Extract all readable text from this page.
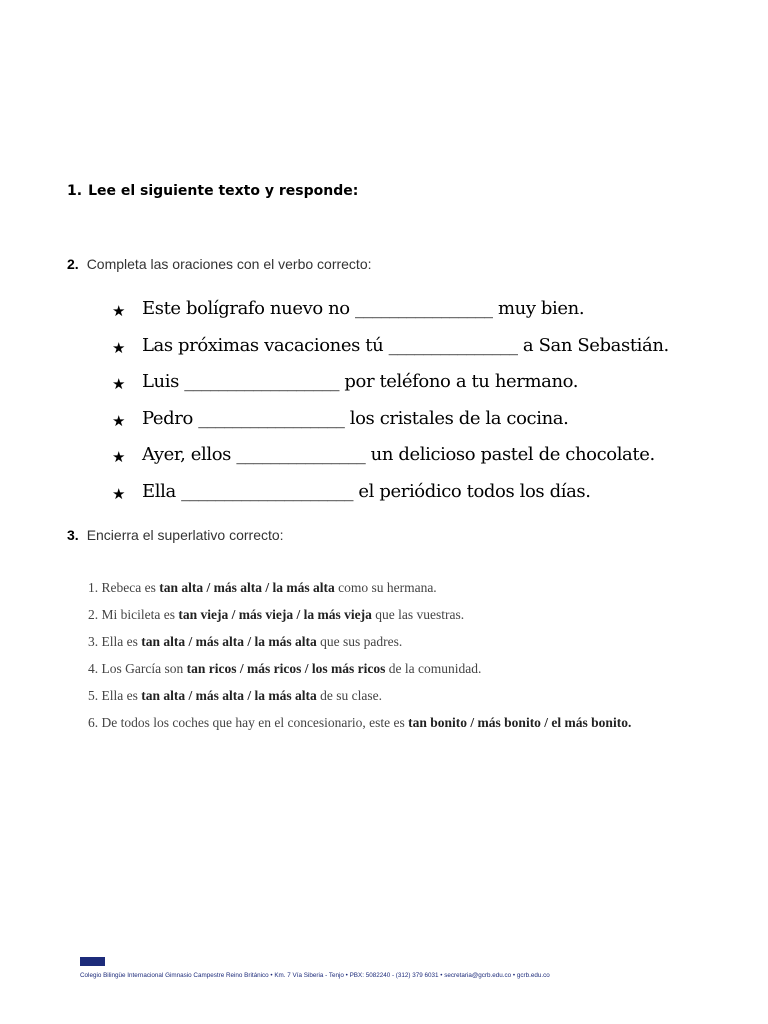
1. Lee el siguiente texto y responde:
2. Completa las oraciones con el verbo correcto:
★ Este bolígrafo nuevo no ________________ muy bien.
★ Las próximas vacaciones tú _______________ a San Sebastián.
★ Luis __________________ por teléfono a tu hermano.
★ Pedro _________________ los cristales de la cocina.
★ Ayer, ellos _______________ un delicioso pastel de chocolate.
★ Ella ____________________ el periódico todos los días.
3. Encierra el superlativo correcto:
1. Rebeca es tan alta / más alta / la más alta como su hermana.
2. Mi bicileta es tan vieja / más vieja / la más vieja que las vuestras.
3. Ella es tan alta / más alta / la más alta que sus padres.
4. Los García son tan ricos / más ricos / los más ricos de la comunidad.
5. Ella es tan alta / más alta / la más alta de su clase.
6. De todos los coches que hay en el concesionario, este es tan bonito / más bonito / el más bonito.
Colegio Bilingüe Internacional Gimnasio Campestre Reino Británico • Km. 7 Vía Siberia - Tenjo • PBX: 5082240 - (312) 379 6031 • secretaria@gcrb.edu.co • gcrb.edu.co
